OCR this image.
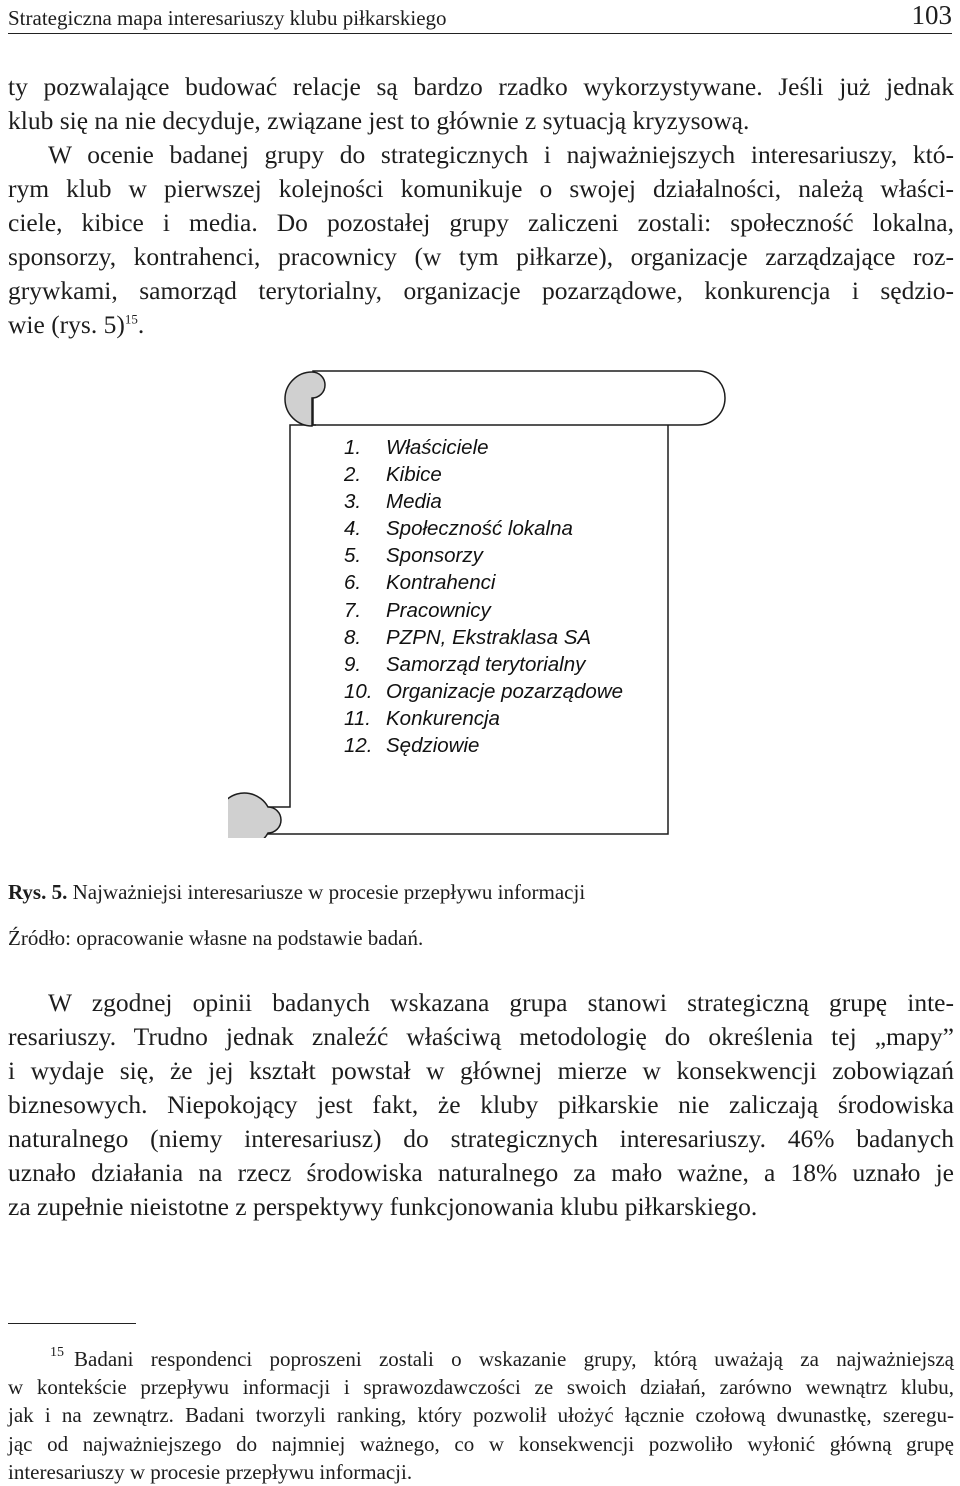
Strategiczna mapa interesariuszy klubu piłkarskiego	103

ty pozwalające budować relacje są bardzo rzadko wykorzystywane. Jeśli już jednak
klub się na nie decyduje, związane jest to głównie z sytuacją kryzysową.
W ocenie badanej grupy do strategicznych i najważniejszych interesariuszy, któ-
rym klub w pierwszej kolejności komunikuje o swojej działalności, należą właści-
ciele, kibice i media. Do pozostałej grupy zaliczeni zostali: społeczność lokalna,
sponsorzy, kontrahenci, pracownicy (w tym piłkarze), organizacje zarządzające roz-
grywkami, samorząd terytorialny, organizacje pozarządowe, konkurencja i sędzio-
wie (rys. 5)$^{15}$.

1. Właściciele
2. Kibice
3. Media
4. Społeczność lokalna
5. Sponsorzy
6. Kontrahenci
7. Pracownicy
8. PZPN, Ekstraklasa SA
9. Samorząd terytorialny
10. Organizacje pozarządowe
11. Konkurencja
12. Sędziowie
Rys. 5. Najważniejsi interesariusze w procesie przepływu informacji
Źródło: opracowanie własne na podstawie badań.

W zgodnej opinii badanych wskazana grupa stanowi strategiczną grupę inte-
resariuszy. Trudno jednak znaleźć właściwą metodologię do określenia tej „mapy”
i wydaje się, że jej kształt powstał w głównej mierze w konsekwencji zobowiązań
biznesowych. Niepokojący jest fakt, że kluby piłkarskie nie zaliczają środowiska
naturalnego (niemy interesariusz) do strategicznych interesariuszy. 46% badanych
uznało działania na rzecz środowiska naturalnego za mało ważne, a 18% uznało je
za zupełnie nieistotne z perspektywy funkcjonowania klubu piłkarskiego.

15 Badani respondenci poproszeni zostali o wskazanie grupy, którą uważają za najważniejszą
w kontekście przepływu informacji i sprawozdawczości ze swoich działań, zarówno wewnątrz klubu,
jak i na zewnątrz. Badani tworzyli ranking, który pozwolił ułożyć łącznie czołową dwunastkę, szeregu-
jąc od najważniejszego do najmniej ważnego, co w konsekwencji pozwoliło wyłonić główną grupę
interesariuszy w procesie przepływu informacji.
